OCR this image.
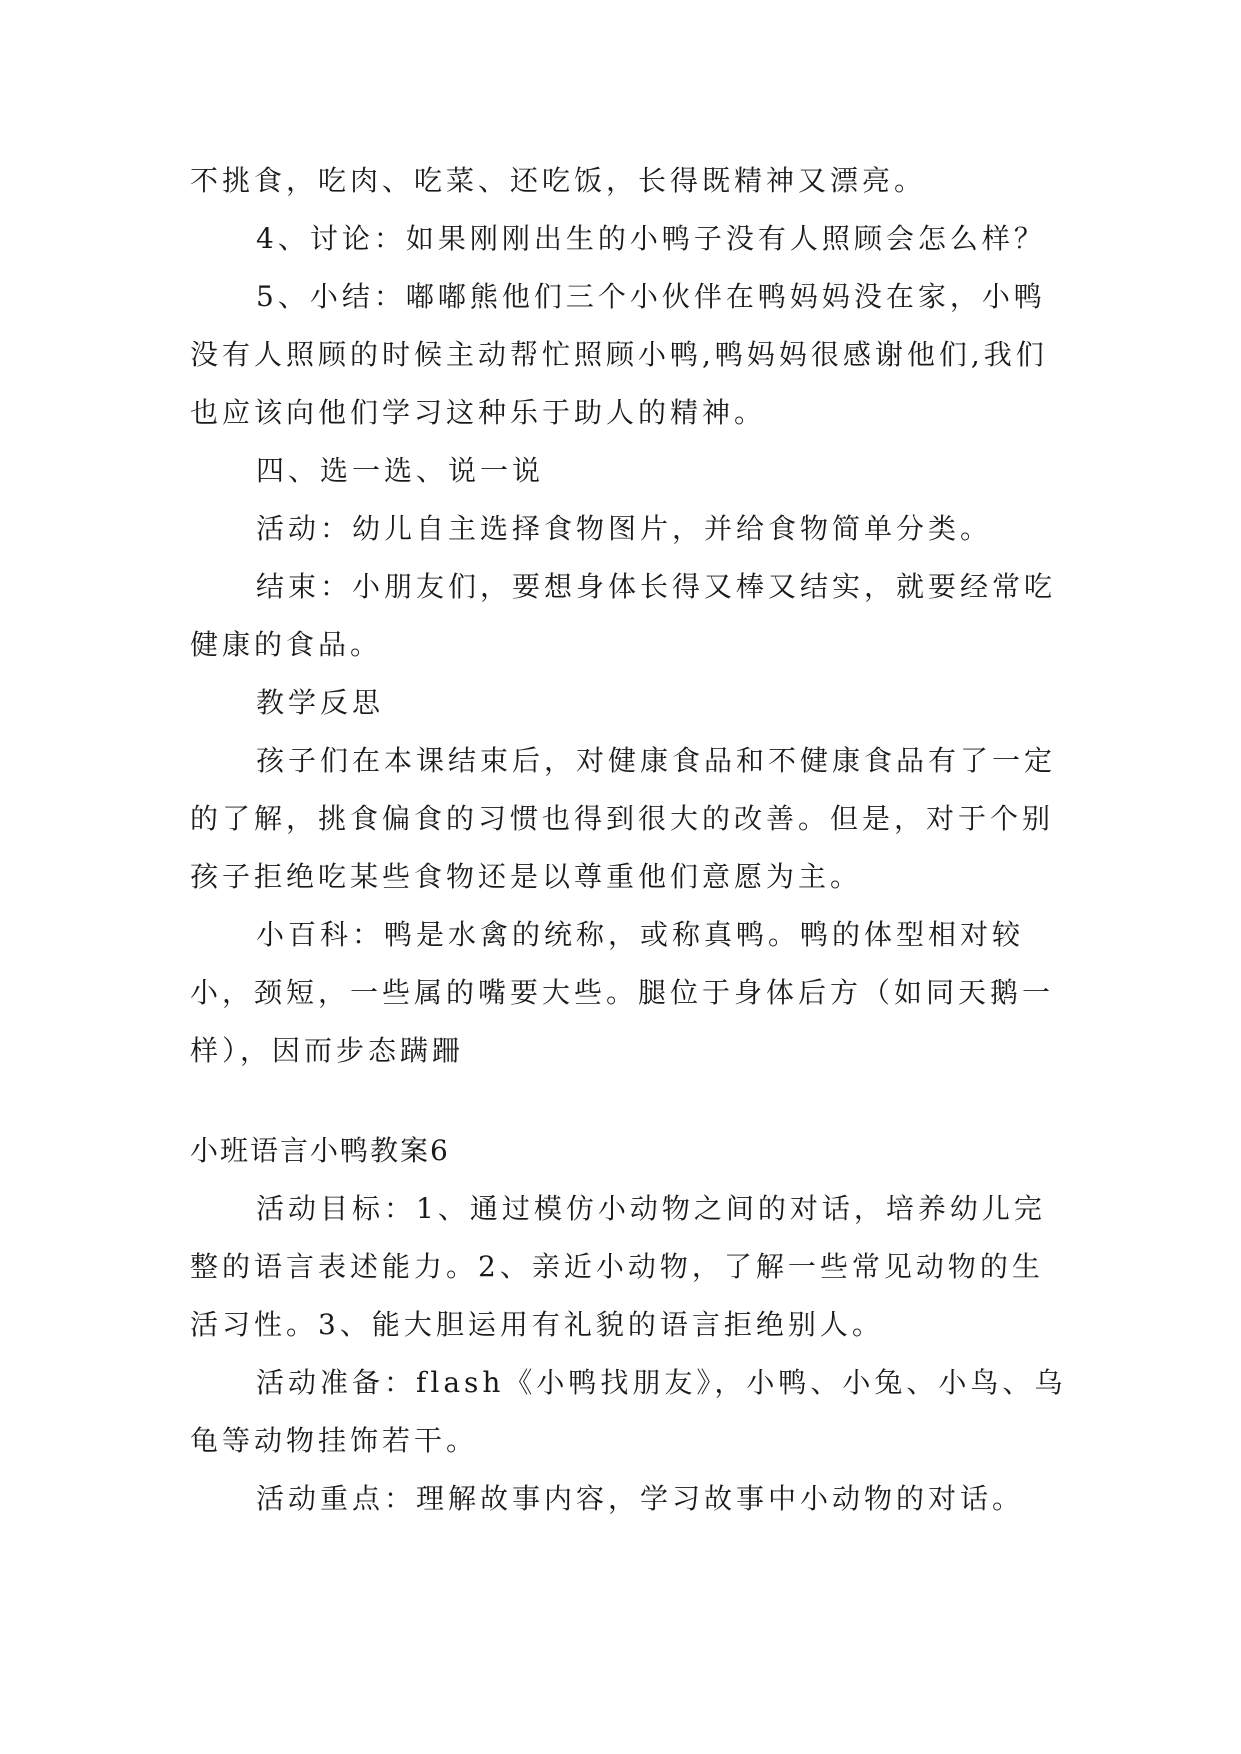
不挑食，吃肉、吃菜、还吃饭，长得既精神又漂亮。

4、讨论：如果刚刚出生的小鸭子没有人照顾会怎么样？

5、小结：嘟嘟熊他们三个小伙伴在鸭妈妈没在家，小鸭没有人照顾的时候主动帮忙照顾小鸭,鸭妈妈很感谢他们,我们也应该向他们学习这种乐于助人的精神。

四、选一选、说一说

活动：幼儿自主选择食物图片，并给食物简单分类。

结束：小朋友们，要想身体长得又棒又结实，就要经常吃健康的食品。

教学反思

孩子们在本课结束后，对健康食品和不健康食品有了一定的了解，挑食偏食的习惯也得到很大的改善。但是，对于个别孩子拒绝吃某些食物还是以尊重他们意愿为主。

小百科：鸭是水禽的统称，或称真鸭。鸭的体型相对较小，颈短，一些属的嘴要大些。腿位于身体后方（如同天鹅一样），因而步态蹒跚

小班语言小鸭教案6

活动目标：1、通过模仿小动物之间的对话，培养幼儿完整的语言表述能力。2、亲近小动物，了解一些常见动物的生活习性。3、能大胆运用有礼貌的语言拒绝别人。

活动准备：flash《小鸭找朋友》，小鸭、小兔、小鸟、乌龟等动物挂饰若干。

活动重点：理解故事内容，学习故事中小动物的对话。
